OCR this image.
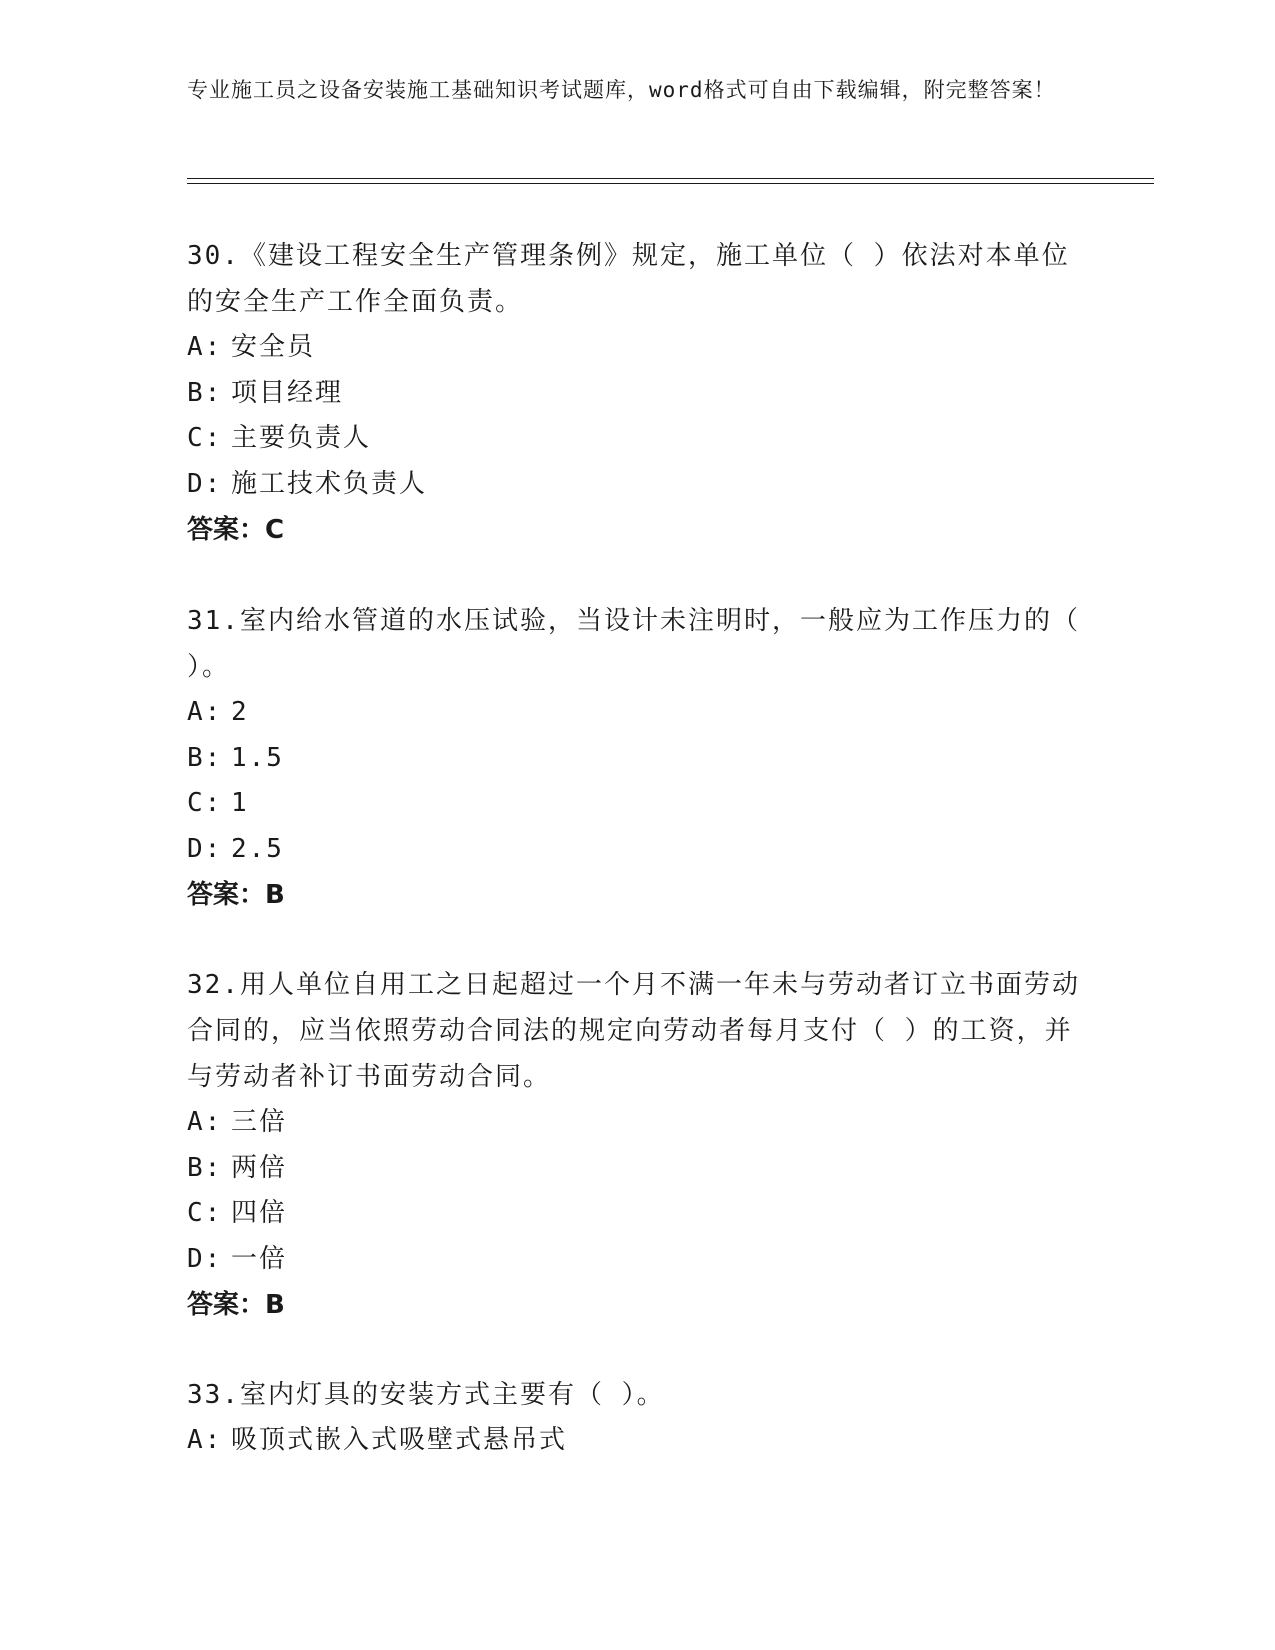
专业施工员之设备安装施工基础知识考试题库，word格式可自由下载编辑，附完整答案！
30.《建设工程安全生产管理条例》规定，施工单位（ ）依法对本单位的安全生产工作全面负责。
A: 安全员
B: 项目经理
C: 主要负责人
D: 施工技术负责人
答案：C
31.室内给水管道的水压试验，当设计未注明时，一般应为工作压力的（ ）。
A: 2
B: 1.5
C: 1
D: 2.5
答案：B
32.用人单位自用工之日起超过一个月不满一年未与劳动者订立书面劳动合同的，应当依照劳动合同法的规定向劳动者每月支付（ ）的工资，并与劳动者补订书面劳动合同。
A: 三倍
B: 两倍
C: 四倍
D: 一倍
答案：B
33.室内灯具的安装方式主要有（ ）。
A: 吸顶式嵌入式吸壁式悬吊式
